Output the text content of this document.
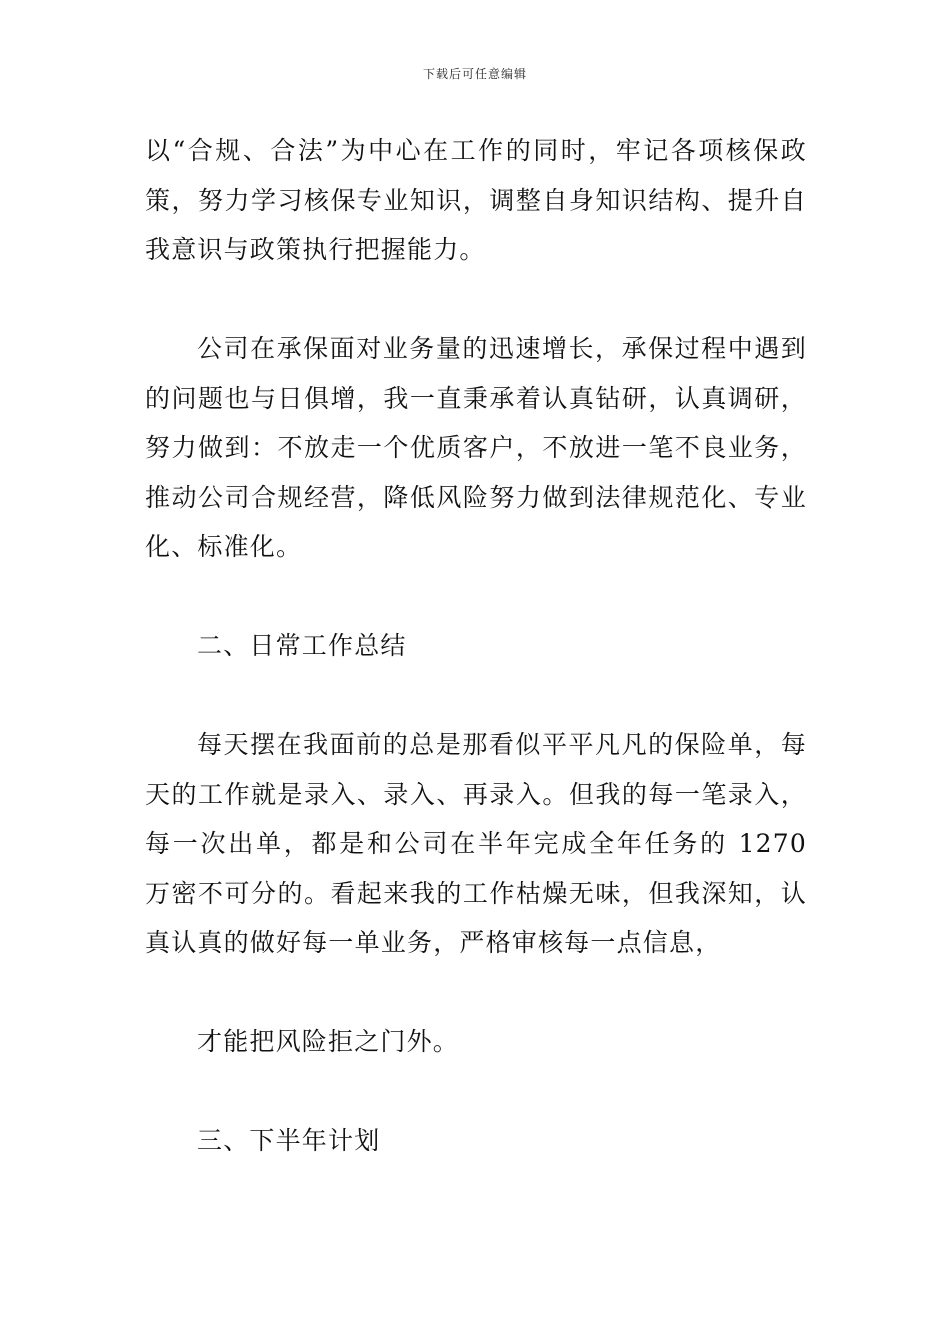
下载后可任意编辑

以“合规、合法”为中心在工作的同时，牢记各项核保政策，努力学习核保专业知识，调整自身知识结构、提升自我意识与政策执行把握能力。

公司在承保面对业务量的迅速增长，承保过程中遇到的问题也与日俱增，我一直秉承着认真钻研，认真调研，努力做到：不放走一个优质客户，不放进一笔不良业务，推动公司合规经营，降低风险努力做到法律规范化、专业化、标准化。

二、日常工作总结

每天摆在我面前的总是那看似平平凡凡的保险单，每天的工作就是录入、录入、再录入。但我的每一笔录入，每一次出单，都是和公司在半年完成全年任务的 1270 万密不可分的。看起来我的工作枯燥无味，但我深知，认真认真的做好每一单业务，严格审核每一点信息，

才能把风险拒之门外。

三、下半年计划
